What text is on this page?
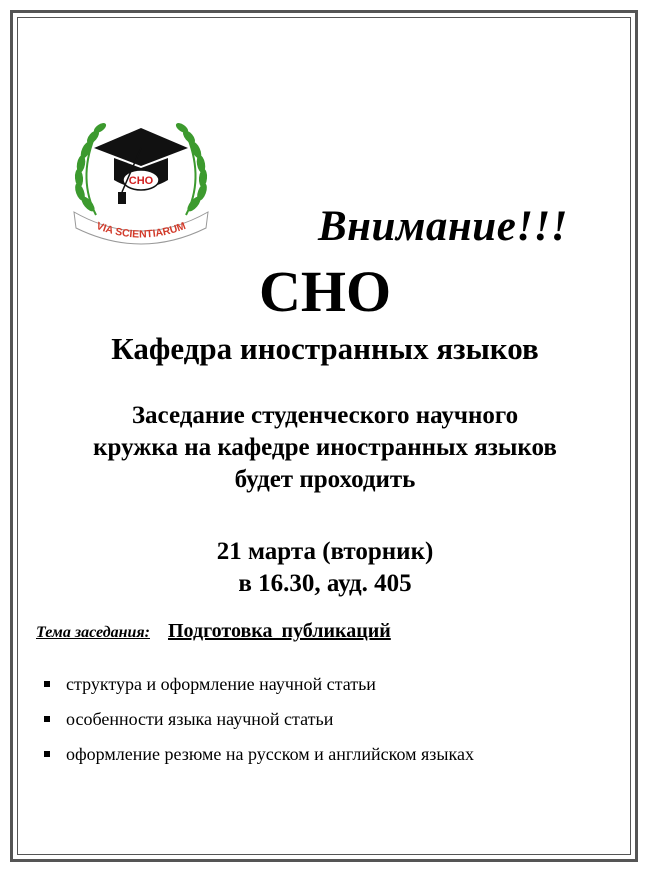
CHO
VIA SCIENTIARUM	Внимание!!!
СНО
Кафедра иностранных языков
Заседание студенческого научного
кружка на кафедре иностранных языков
будет проходить
21 марта (вторник)
в 16.30, ауд. 405
Тема заседания: Подготовка публикаций
структура и оформление научной статьи
особенности языка научной статьи
оформление резюме на русском и английском языках
